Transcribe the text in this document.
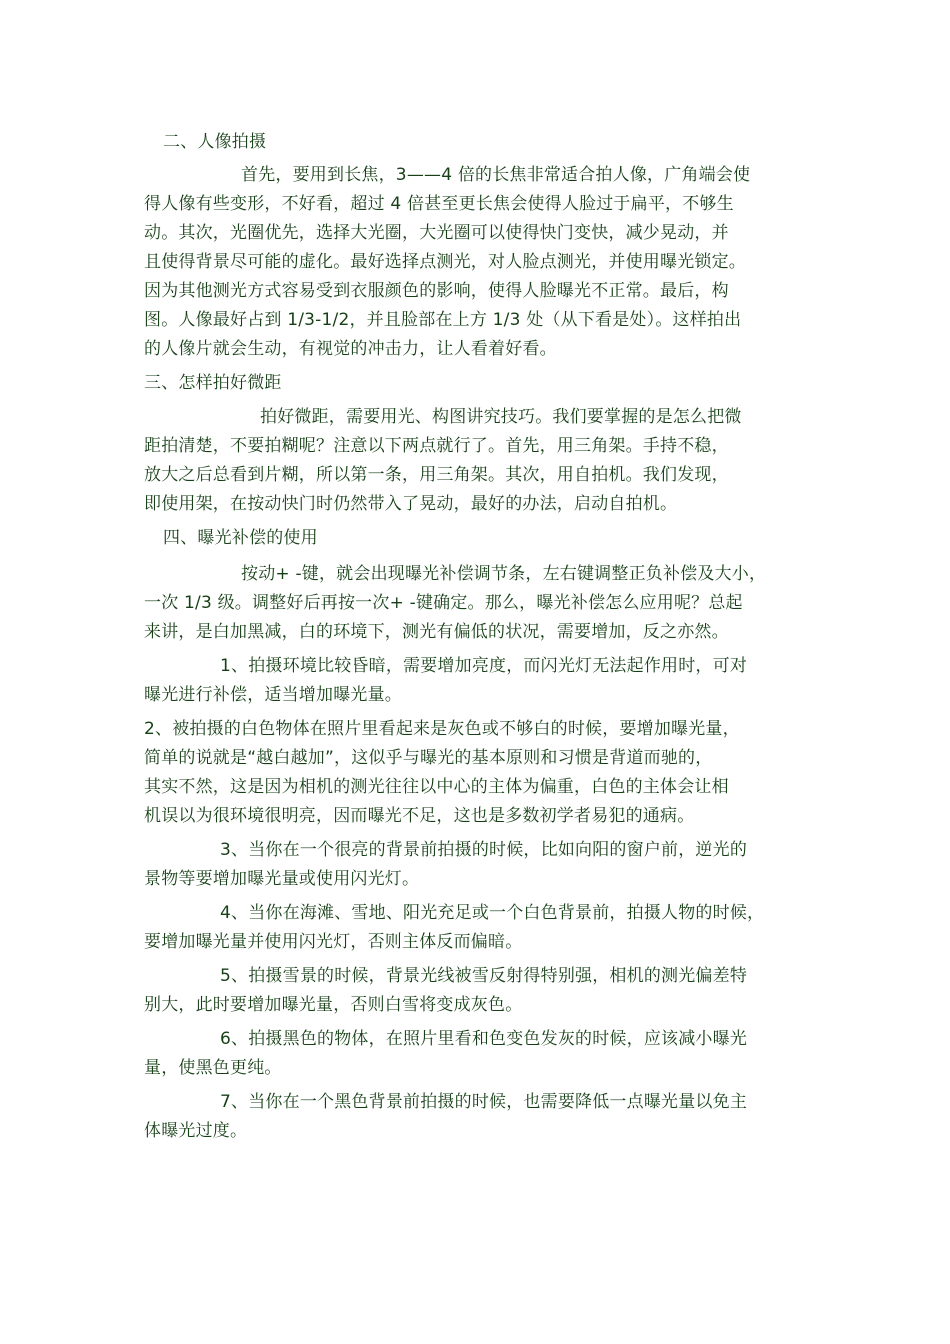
二、人像拍摄
首先，要用到长焦，3——4 倍的长焦非常适合拍人像，广角端会使
得人像有些变形，不好看，超过 4 倍甚至更长焦会使得人脸过于扁平，不够生
动。其次，光圈优先，选择大光圈，大光圈可以使得快门变快，减少晃动，并
且使得背景尽可能的虚化。最好选择点测光，对人脸点测光，并使用曝光锁定。
因为其他测光方式容易受到衣服颜色的影响，使得人脸曝光不正常。最后，构
图。人像最好占到 1/3-1/2，并且脸部在上方 1/3 处（从下看是处）。这样拍出
的人像片就会生动，有视觉的冲击力，让人看着好看。
三、怎样拍好微距
拍好微距，需要用光、构图讲究技巧。我们要掌握的是怎么把微
距拍清楚，不要拍糊呢？注意以下两点就行了。首先，用三角架。手持不稳，
放大之后总看到片糊，所以第一条，用三角架。其次，用自拍机。我们发现，
即使用架，在按动快门时仍然带入了晃动，最好的办法，启动自拍机。
四、曝光补偿的使用
按动+ -键，就会出现曝光补偿调节条，左右键调整正负补偿及大小，
一次 1/3 级。调整好后再按一次+ -键确定。那么，曝光补偿怎么应用呢？总起
来讲，是白加黑减，白的环境下，测光有偏低的状况，需要增加，反之亦然。
1、拍摄环境比较昏暗，需要增加亮度，而闪光灯无法起作用时，可对
曝光进行补偿，适当增加曝光量。
2、被拍摄的白色物体在照片里看起来是灰色或不够白的时候，要增加曝光量，
简单的说就是“越白越加”，这似乎与曝光的基本原则和习惯是背道而驰的，
其实不然，这是因为相机的测光往往以中心的主体为偏重，白色的主体会让相
机误以为很环境很明亮，因而曝光不足，这也是多数初学者易犯的通病。
3、当你在一个很亮的背景前拍摄的时候，比如向阳的窗户前，逆光的
景物等要增加曝光量或使用闪光灯。
4、当你在海滩、雪地、阳光充足或一个白色背景前，拍摄人物的时候，
要增加曝光量并使用闪光灯，否则主体反而偏暗。
5、拍摄雪景的时候，背景光线被雪反射得特别强，相机的测光偏差特
别大，此时要增加曝光量，否则白雪将变成灰色。
6、拍摄黑色的物体，在照片里看和色变色发灰的时候，应该减小曝光
量，使黑色更纯。
7、当你在一个黑色背景前拍摄的时候，也需要降低一点曝光量以免主
体曝光过度。
